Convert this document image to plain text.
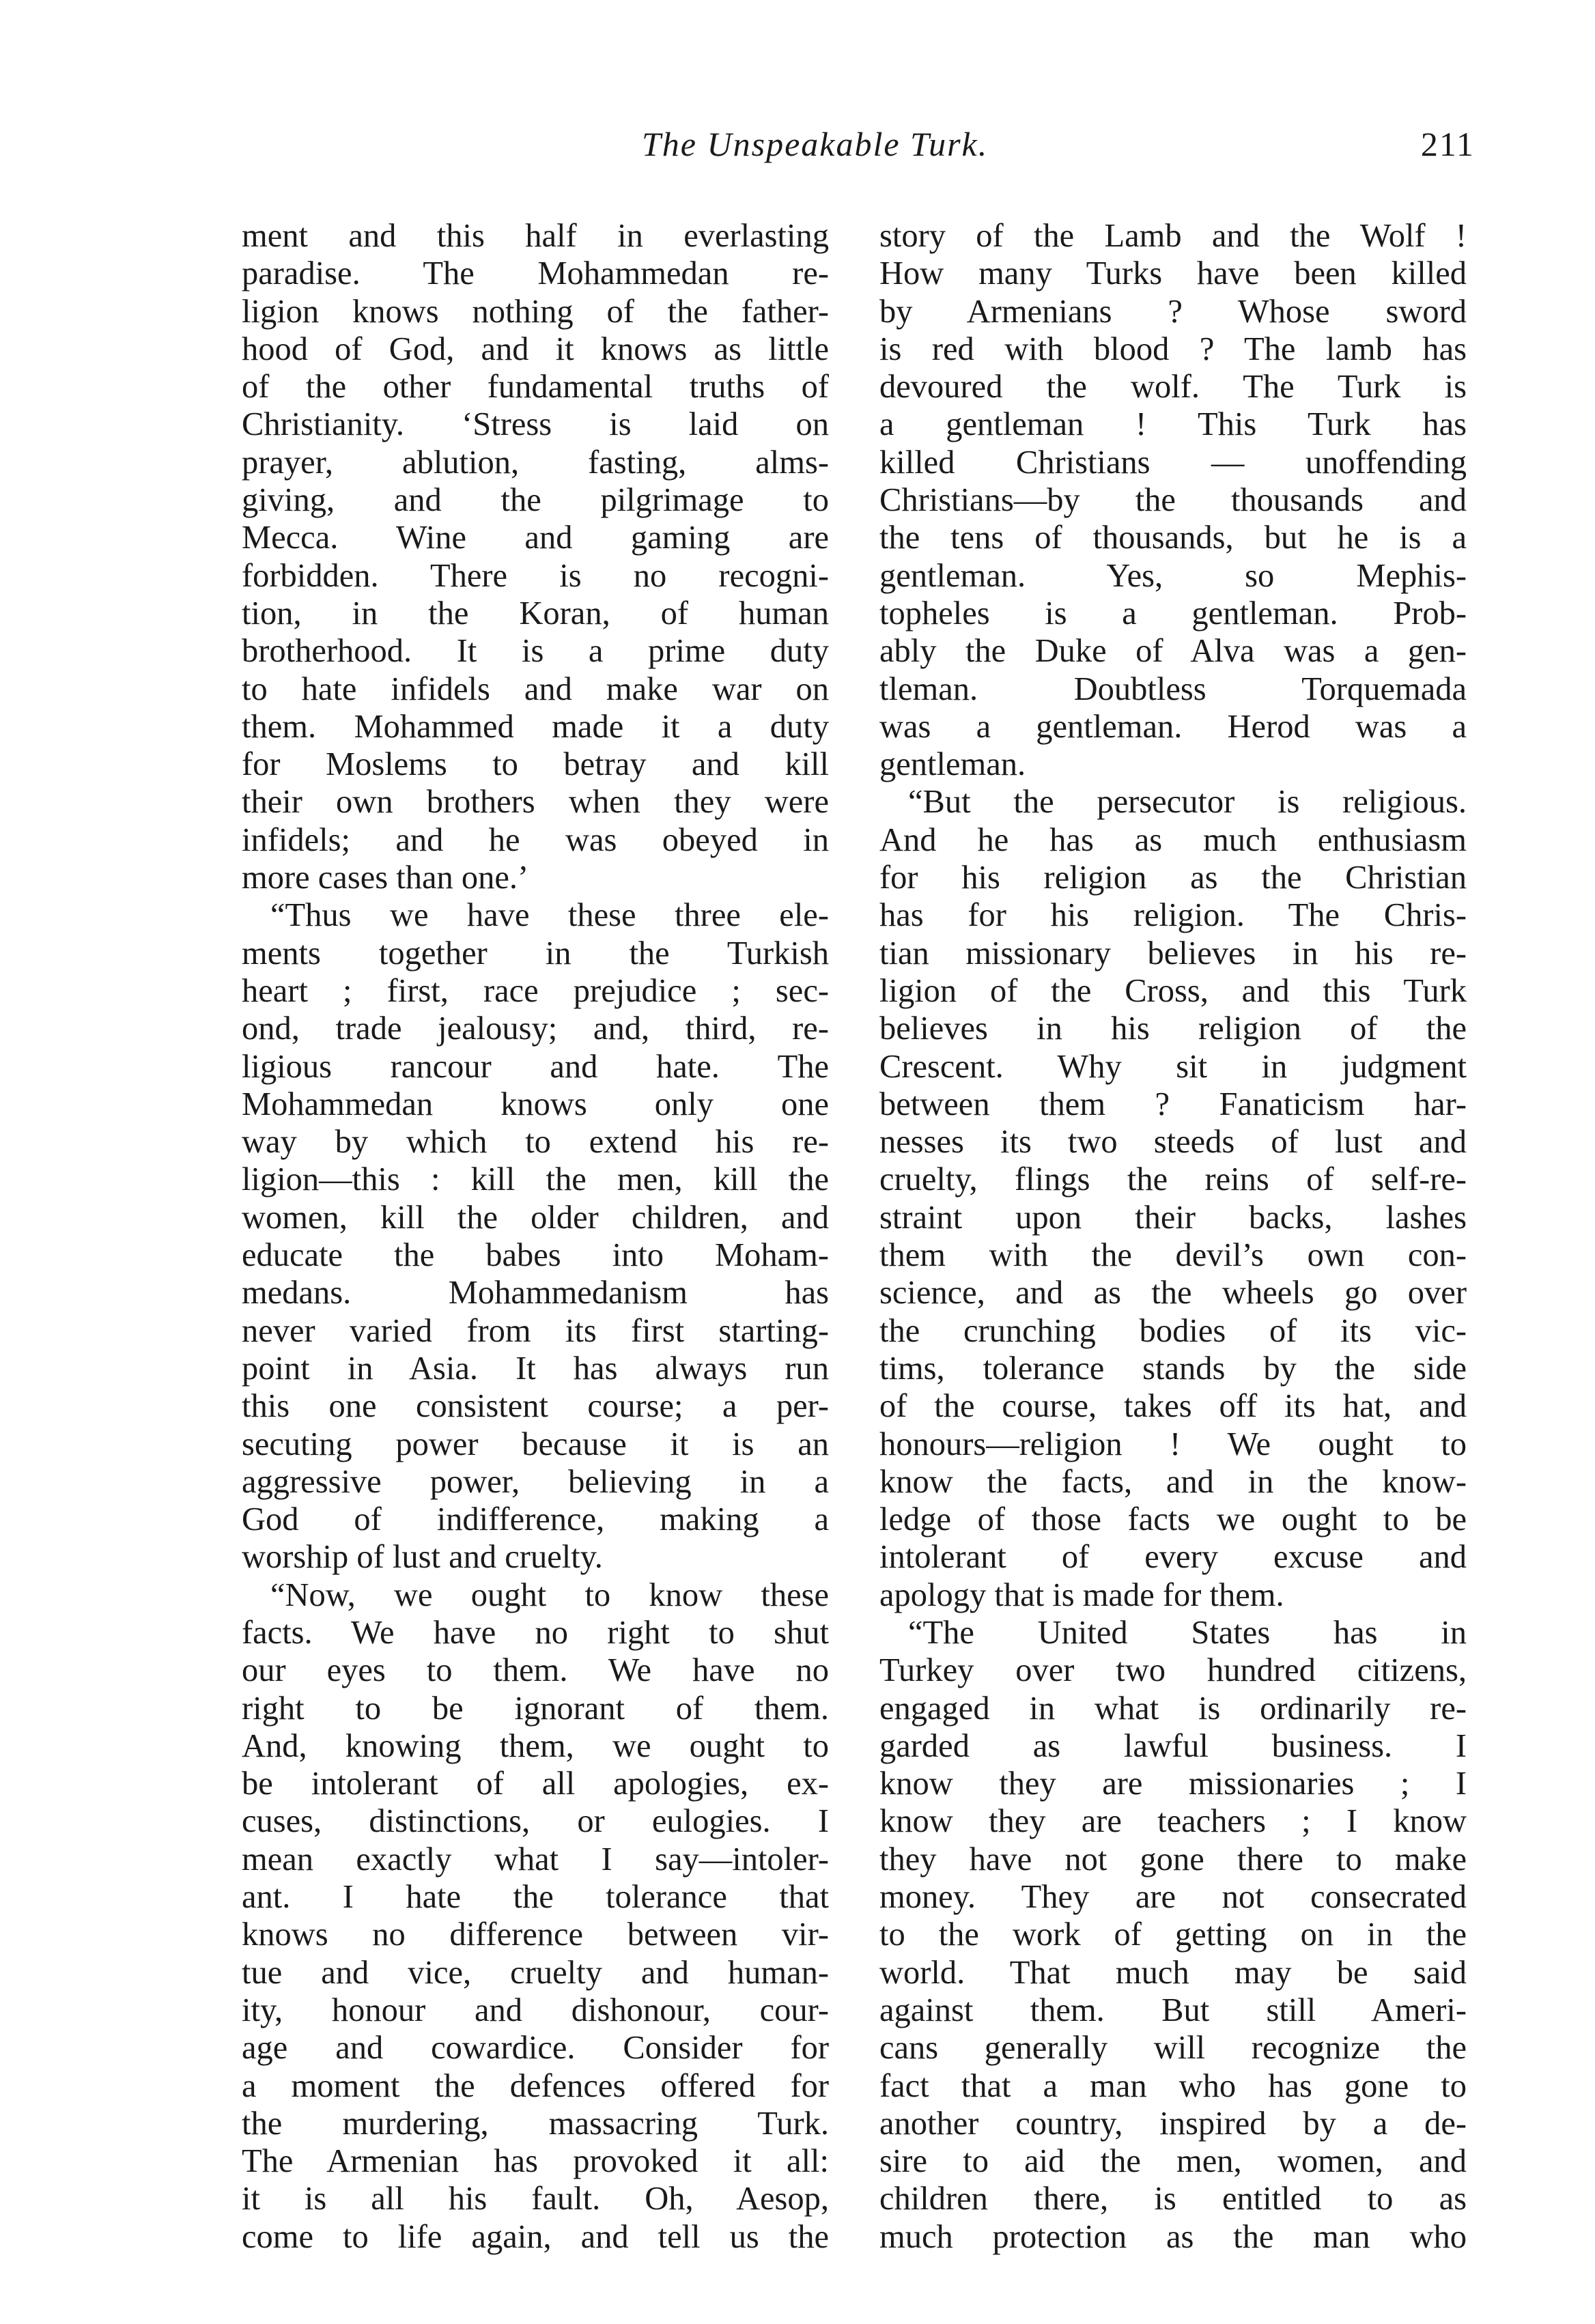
The Unspeakable Turk.	211
ment and this half in everlasting
paradise. The Mohammedan re-
ligion knows nothing of the father-
hood of God, and it knows as little
of the other fundamental truths of
Christianity. ‘Stress is laid on
prayer, ablution, fasting, alms-
giving, and the pilgrimage to
Mecca. Wine and gaming are
forbidden. There is no recogni-
tion, in the Koran, of human
brotherhood. It is a prime duty
to hate infidels and make war on
them. Mohammed made it a duty
for Moslems to betray and kill
their own brothers when they were
infidels; and he was obeyed in
more cases than one.’
“Thus we have these three ele-
ments together in the Turkish
heart ; first, race prejudice ; sec-
ond, trade jealousy; and, third, re-
ligious rancour and hate. The
Mohammedan knows only one
way by which to extend his re-
ligion—this : kill the men, kill the
women, kill the older children, and
educate the babes into Moham-
medans. Mohammedanism has
never varied from its first starting-
point in Asia. It has always run
this one consistent course; a per-
secuting power because it is an
aggressive power, believing in a
God of indifference, making a
worship of lust and cruelty.
“Now, we ought to know these
facts. We have no right to shut
our eyes to them. We have no
right to be ignorant of them.
And, knowing them, we ought to
be intolerant of all apologies, ex-
cuses, distinctions, or eulogies. I
mean exactly what I say—intoler-
ant. I hate the tolerance that
knows no difference between vir-
tue and vice, cruelty and human-
ity, honour and dishonour, cour-
age and cowardice. Consider for
a moment the defences offered for
the murdering, massacring Turk.
The Armenian has provoked it all:
it is all his fault. Oh, Aesop,
come to life again, and tell us the
story of the Lamb and the Wolf !
How many Turks have been killed
by Armenians ? Whose sword
is red with blood ? The lamb has
devoured the wolf. The Turk is
a gentleman ! This Turk has
killed Christians — unoffending
Christians—by the thousands and
the tens of thousands, but he is a
gentleman. Yes, so Mephis-
topheles is a gentleman. Prob-
ably the Duke of Alva was a gen-
tleman. Doubtless Torquemada
was a gentleman. Herod was a
gentleman.
“But the persecutor is religious.
And he has as much enthusiasm
for his religion as the Christian
has for his religion. The Chris-
tian missionary believes in his re-
ligion of the Cross, and this Turk
believes in his religion of the
Crescent. Why sit in judgment
between them ? Fanaticism har-
nesses its two steeds of lust and
cruelty, flings the reins of self-re-
straint upon their backs, lashes
them with the devil’s own con-
science, and as the wheels go over
the crunching bodies of its vic-
tims, tolerance stands by the side
of the course, takes off its hat, and
honours—religion ! We ought to
know the facts, and in the know-
ledge of those facts we ought to be
intolerant of every excuse and
apology that is made for them.
“The United States has in
Turkey over two hundred citizens,
engaged in what is ordinarily re-
garded as lawful business. I
know they are missionaries ; I
know they are teachers ; I know
they have not gone there to make
money. They are not consecrated
to the work of getting on in the
world. That much may be said
against them. But still Ameri-
cans generally will recognize the
fact that a man who has gone to
another country, inspired by a de-
sire to aid the men, women, and
children there, is entitled to as
much protection as the man who
